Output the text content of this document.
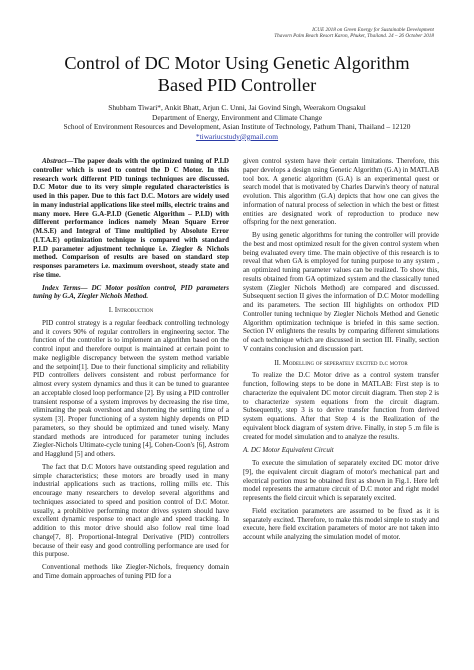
ICUE 2018 on Green Energy for Sustainable Development
Thavorn Palm Beach Resort Karon, Phuket, Thailand. 24 – 26 October 2018
Control of DC Motor Using Genetic Algorithm
Based PID Controller
Shubham Tiwari*, Ankit Bhatt, Arjun C. Unni, Jai Govind Singh, Weerakorn Ongsakul
Department of Energy, Environment and Climate Change
School of Environment Resources and Development, Asian Institute of Technology, Pathum Thani, Thailand – 12120
*tiwariucstudy@gmail.com

Abstract—The paper deals with the optimized tuning of P.I.D controller which is used to control the D C Motor. In this research work different PID tunings techniques are discussed. D.C Motor due to its very simple regulated characteristics is used in this paper. Due to this fact D.C. Motors are widely used in many industrial applications like steel mills, electric trains and many more. Here G.A-P.I.D (Genetic Algorithm – P.I.D) with different performance indices namely Mean Square Error (M.S.E) and Integral of Time multiplied by Absolute Error (I.T.A.E) optimization technique is compared with standard P.I.D parameter adjustment technique i.e. Ziegler & Nichols method. Comparison of results are based on standard step responses parameters i.e. maximum overshoot, steady state and rise time.

Index Terms— DC Motor position control, PID parameters tuning by G.A, Ziegler Nichols Method.

I. Introduction

PID control strategy is a regular feedback controlling technology and it covers 90% of regular controllers in engineering sector. The function of the controller is to implement an algorithm based on the control input and therefore output is maintained at certain point to make negligible discrepancy between the system method variable and the setpoint[1]. Due to their functional simplicity and reliability PID controllers delivers consistent and robust performance for almost every system dynamics and thus it can be tuned to guarantee an acceptable closed loop performance [2]. By using a PID controller transient response of a system improves by decreasing the rise time, eliminating the peak overshoot and shortening the settling time of a system [3]. Proper functioning of a system highly depends on PID parameters, so they should be optimized and tuned wisely. Many standard methods are introduced for parameter tuning includes Ziegler-Nichols Ultimate-cycle tuning [4], Cohen-Coon's [6], Astrom and Hagglund [5] and others.

The fact that D.C Motors have outstanding speed regulation and simple characteristics; these motors are broadly used in many industrial applications such as tractions, rolling mills etc. This encourage many researchers to develop several algorithms and techniques associated to speed and position control of D.C Motor. usually, a prohibitive performing motor drives system should have excellent dynamic response to enact angle and speed tracking. In addition to this motor drive should also follow real time load change[7, 8]. Proportional-Integral Derivative (PID) controllers because of their easy and good controlling performance are used for this purpose.

Conventional methods like Ziegler-Nichols, frequency domain and Time domain approaches of tuning PID for a

given control system have their certain limitations. Therefore, this paper develops a design using Genetic Algorithm (G.A) in MATLAB tool box. A genetic algorithm (G.A) is an experimental quest or search model that is motivated by Charles Darwin's theory of natural evolution. This algorithm (G.A) depicts that how one can gives the information of natural process of selection in which the best or fittest entities are designated work of reproduction to produce new offspring for the next generation.

By using genetic algorithms for tuning the controller will provide the best and most optimized result for the given control system when being evaluated every time. The main objective of this research is to reveal that when GA is employed for tuning purpose to any system , an optimized tuning parameter values can be realized. To show this, results obtained from GA optimized system and the classically tuned system (Ziegler Nichols Method) are compared and discussed. Subsequent section II gives the information of D.C Motor modelling and its parameters. The section III highlights on orthodox PID Controller tuning technique by Ziegler Nichols Method and Genetic Algorithm optimization technique is briefed in this same section. Section IV enlightens the results by comparing different simulations of each technique which are discussed in section III. Finally, section V contains conclusion and discussion part.

II. Modelling of seperately excited d.c motor

To realize the D.C Motor drive as a control system transfer function, following steps to be done in MATLAB: First step is to characterize the equivalent DC motor circuit diagram. Then step 2 is to characterize system equations from the circuit diagram. Subsequently, step 3 is to derive transfer function from derived system equations. After that Step 4 is the Realization of the equivalent block diagram of system drive. Finally, in step 5 .m file is created for model simulation and to analyze the results.

A. DC Motor Equivalent Circuit

To execute the simulation of separately excited DC motor drive [9], the equivalent circuit diagram of motor's mechanical part and electrical portion must be obtained first as shown in Fig.1. Here left model represents the armature circuit of D.C motor and right model represents the field circuit which is separately excited.

Field excitation parameters are assumed to be fixed as it is separately excited. Therefore, to make this model simple to study and execute, here field excitation parameters of motor are not taken into account while analyzing the simulation model of motor.
